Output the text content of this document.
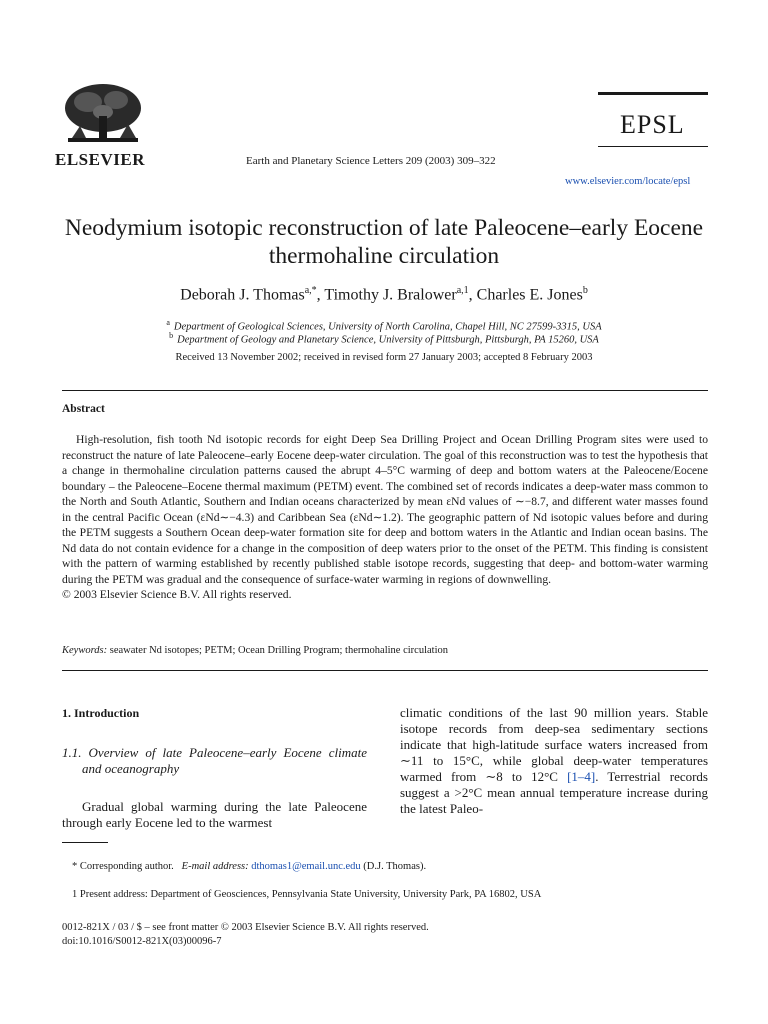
ELSEVIER	Earth and Planetary Science Letters 209 (2003) 309–322
EPSL
www.elsevier.com/locate/epsl
Neodymium isotopic reconstruction of late Paleocene–early Eocene thermohaline circulation
Deborah J. Thomas$^{a,*}$, Timothy J. Bralower$^{a,1}$, Charles E. Jones$^b$
$^a$ Department of Geological Sciences, University of North Carolina, Chapel Hill, NC 27599-3315, USA
$^b$ Department of Geology and Planetary Science, University of Pittsburgh, Pittsburgh, PA 15260, USA
Received 13 November 2002; received in revised form 27 January 2003; accepted 8 February 2003
Abstract

High-resolution, fish tooth Nd isotopic records for eight Deep Sea Drilling Project and Ocean Drilling Program sites were used to reconstruct the nature of late Paleocene–early Eocene deep-water circulation. The goal of this reconstruction was to test the hypothesis that a change in thermohaline circulation patterns caused the abrupt 4–5°C warming of deep and bottom waters at the Paleocene/Eocene boundary – the Paleocene–Eocene thermal maximum (PETM) event. The combined set of records indicates a deep-water mass common to the North and South Atlantic, Southern and Indian oceans characterized by mean εNd values of ∼−8.7, and different water masses found in the central Pacific Ocean (εNd∼−4.3) and Caribbean Sea (εNd∼1.2). The geographic pattern of Nd isotopic values before and during the PETM suggests a Southern Ocean deep-water formation site for deep and bottom waters in the Atlantic and Indian ocean basins. The Nd data do not contain evidence for a change in the composition of deep waters prior to the onset of the PETM. This finding is consistent with the pattern of warming established by recently published stable isotope records, suggesting that deep- and bottom-water warming during the PETM was gradual and the consequence of surface-water warming in regions of downwelling.

© 2003 Elsevier Science B.V. All rights reserved.

Keywords: seawater Nd isotopes; PETM; Ocean Drilling Program; thermohaline circulation
1. Introduction
1.1. Overview of late Paleocene–early Eocene climate and oceanography

Gradual global warming during the late Paleocene through early Eocene led to the warmest

climatic conditions of the last 90 million years. Stable isotope records from deep-sea sedimentary sections indicate that high-latitude surface waters increased from ∼11 to 15°C, while global deep-water temperatures warmed from ∼8 to 12°C [1–4]. Terrestrial records suggest a >2°C mean annual temperature increase during the latest Paleo-
* Corresponding author. E-mail address: dthomas1@email.unc.edu (D.J. Thomas).
1 Present address: Department of Geosciences, Pennsylvania State University, University Park, PA 16802, USA
0012-821X / 03 / $ – see front matter © 2003 Elsevier Science B.V. All rights reserved.
doi:10.1016/S0012-821X(03)00096-7
